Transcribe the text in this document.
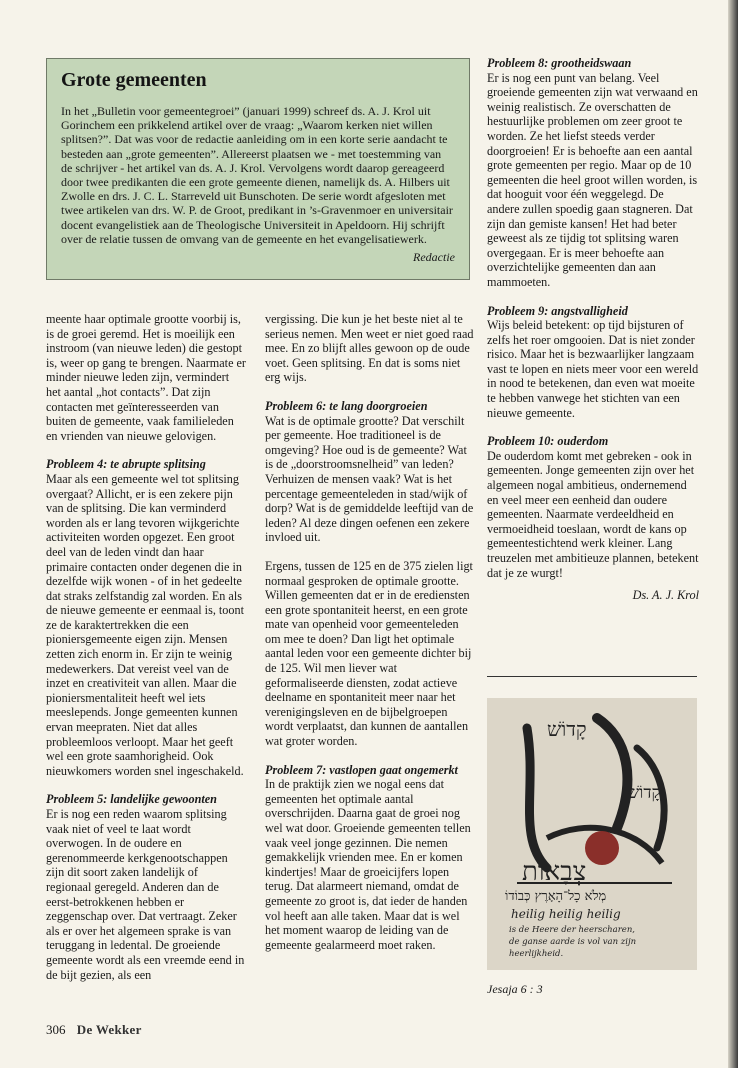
Grote gemeenten

In het „Bulletin voor gemeentegroei” (januari 1999) schreef ds. A. J. Krol uit Gorinchem een prikkelend artikel over de vraag: „Waarom kerken niet willen splitsen?”. Dat was voor de redactie aanleiding om in een korte serie aandacht te besteden aan „grote gemeenten”. Allereerst plaatsen we - met toestemming van de schrijver - het artikel van ds. A. J. Krol. Vervolgens wordt daarop gereageerd door twee predikanten die een grote gemeente dienen, namelijk ds. A. Hilbers uit Zwolle en drs. J. C. L. Starreveld uit Bunschoten. De serie wordt afgesloten met twee artikelen van drs. W. P. de Groot, predikant in ’s-Gravenmoer en universitair docent evangelistiek aan de Theologische Universiteit in Apeldoorn. Hij schrijft over de relatie tussen de omvang van de gemeente en het evangelisatiewerk.

Redactie

meente haar optimale grootte voorbij is, is de groei geremd. Het is moeilijk een instroom (van nieuwe leden) die gestopt is, weer op gang te brengen. Naarmate er minder nieuwe leden zijn, vermindert het aantal „hot contacts”. Dat zijn contacten met geïnteresseerden van buiten de gemeente, vaak familieleden en vrienden van nieuwe gelovigen.

Probleem 4: te abrupte splitsing

Maar als een gemeente wel tot splitsing overgaat? Allicht, er is een zekere pijn van de splitsing. Die kan verminderd worden als er lang tevoren wijkgerichte activiteiten worden opgezet. Een groot deel van de leden vindt dan haar primaire contacten onder degenen die in dezelfde wijk wonen - of in het gedeelte dat straks zelfstandig zal worden. En als de nieuwe gemeente er eenmaal is, toont ze de karaktertrekken die een pioniersgemeente eigen zijn. Mensen zetten zich enorm in. Er zijn te weinig medewerkers. Dat vereist veel van de inzet en creativiteit van allen. Maar die pioniersmentaliteit heeft wel iets meeslepends. Jonge gemeenten kunnen ervan meepraten. Niet dat alles probleemloos verloopt. Maar het geeft wel een grote saamhorigheid. Ook nieuwkomers worden snel ingeschakeld.

Probleem 5: landelijke gewoonten

Er is nog een reden waarom splitsing vaak niet of veel te laat wordt overwogen. In de oudere en gerenommeerde kerkgenootschappen zijn dit soort zaken landelijk of regionaal geregeld. Anderen dan de eerst-betrokkenen hebben er zeggenschap over. Dat vertraagt. Zeker als er over het algemeen sprake is van teruggang in ledental. De groeiende gemeente wordt als een vreemde eend in de bijt gezien, als een

vergissing. Die kun je het beste niet al te serieus nemen. Men weet er niet goed raad mee. En zo blijft alles gewoon op de oude voet. Geen splitsing. En dat is soms niet erg wijs.

Probleem 6: te lang doorgroeien

Wat is de optimale grootte? Dat verschilt per gemeente. Hoe traditioneel is de omgeving? Hoe oud is de gemeente? Wat is de „doorstroomsnelheid” van leden? Verhuizen de mensen vaak? Wat is het percentage gemeenteleden in stad/wijk of dorp? Wat is de gemiddelde leeftijd van de leden? Al deze dingen oefenen een zekere invloed uit.

Ergens, tussen de 125 en de 375 zielen ligt normaal gesproken de optimale grootte. Willen gemeenten dat er in de erediensten een grote spontaniteit heerst, en een grote mate van openheid voor gemeenteleden om mee te doen? Dan ligt het optimale aantal leden voor een gemeente dichter bij de 125. Wil men liever wat geformaliseerde diensten, zodat actieve deelname en spontaniteit meer naar het verenigingsleven en de bijbelgroepen wordt verplaatst, dan kunnen de aantallen wat groter worden.

Probleem 7: vastlopen gaat ongemerkt

In de praktijk zien we nogal eens dat gemeenten het optimale aantal overschrijden. Daarna gaat de groei nog wel wat door. Groeiende gemeenten tellen vaak veel jonge gezinnen. Die nemen gemakkelijk vrienden mee. En er komen kindertjes! Maar de groeicijfers lopen terug. Dat alarmeert niemand, omdat de gemeente zo groot is, dat ieder de handen vol heeft aan alle taken. Maar dat is wel het moment waarop de leiding van de gemeente gealarmeerd moet raken.

Probleem 8: grootheidswaan

Er is nog een punt van belang. Veel groeiende gemeenten zijn wat verwaand en weinig realistisch. Ze overschatten de hestuurlijke problemen om zeer groot te worden. Ze het liefst steeds verder doorgroeien! Er is behoefte aan een aantal grote gemeenten per regio. Maar op de 10 gemeenten die heel groot willen worden, is dat hooguit voor één weggelegd. De andere zullen spoedig gaan stagneren. Dat zijn dan gemiste kansen! Het had beter geweest als ze tijdig tot splitsing waren overgegaan. Er is meer behoefte aan overzichtelijke gemeenten dan aan mammoeten.

Probleem 9: angstvalligheid

Wijs beleid betekent: op tijd bijsturen of zelfs het roer omgooien. Dat is niet zonder risico. Maar het is bezwaarlijker langzaam vast te lopen en niets meer voor een wereld in nood te betekenen, dan even wat moeite te hebben vanwege het stichten van een nieuwe gemeente.

Probleem 10: ouderdom

De ouderdom komt met gebreken - ook in gemeenten. Jonge gemeenten zijn over het algemeen nogal ambitieus, ondernemend en veel meer een eenheid dan oudere gemeenten. Naarmate verdeeldheid en vermoeidheid toeslaan, wordt de kans op gemeentestichtend werk kleiner. Lang treuzelen met ambitieuze plannen, betekent dat je ze wurgt!

Ds. A. J. Krol

קָדוֹשׁ
קָדוֹשׁ
צְבָאוֹת
מְלֹא כָל־הָאָרֶץ כְּבוֹדוֹ
heilig heilig heilig
is de Heere der heerscharen,
de ganse aarde is vol van zijn
heerlijkheid.
Jesaja 6 : 3
306 De Wekker
